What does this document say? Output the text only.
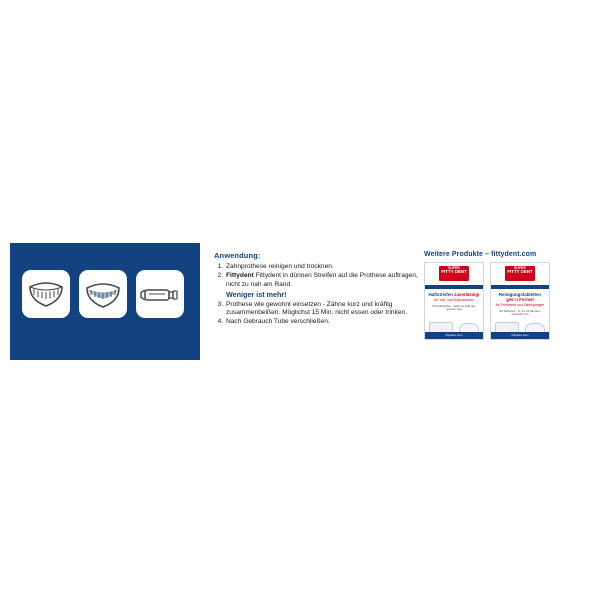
Anwendung:
1. Zahnprothese reinigen und trocknen.
2. Fittydent Fittydent in dünnen Streifen auf die Prothese auftragen, nicht zu nah am Rand.
Weniger ist mehr!
3. Prothese wie gewohnt einsetzen - Zähne kurz und kräftig zusammenbeißen. Möglichst 15 Min. nicht essen oder trinken.
4. Nach Gebrauch Tube verschließen.
Weitere Produkte – fittydent.com
SUPER
FITTY DENT
Haftstreifen zuverlässig!
für Voll- und Teilprothesen
30 Haftstreifen · Sicherer Halt den ganzen Tag
fittydent.com
SUPER
FITTY DENT
Reinigungstabletten gAr`n Formel
für Prothesen und Zahnspangen
32 Tabletten · In nur 15 Minuten porentief rein
fittydent.com
